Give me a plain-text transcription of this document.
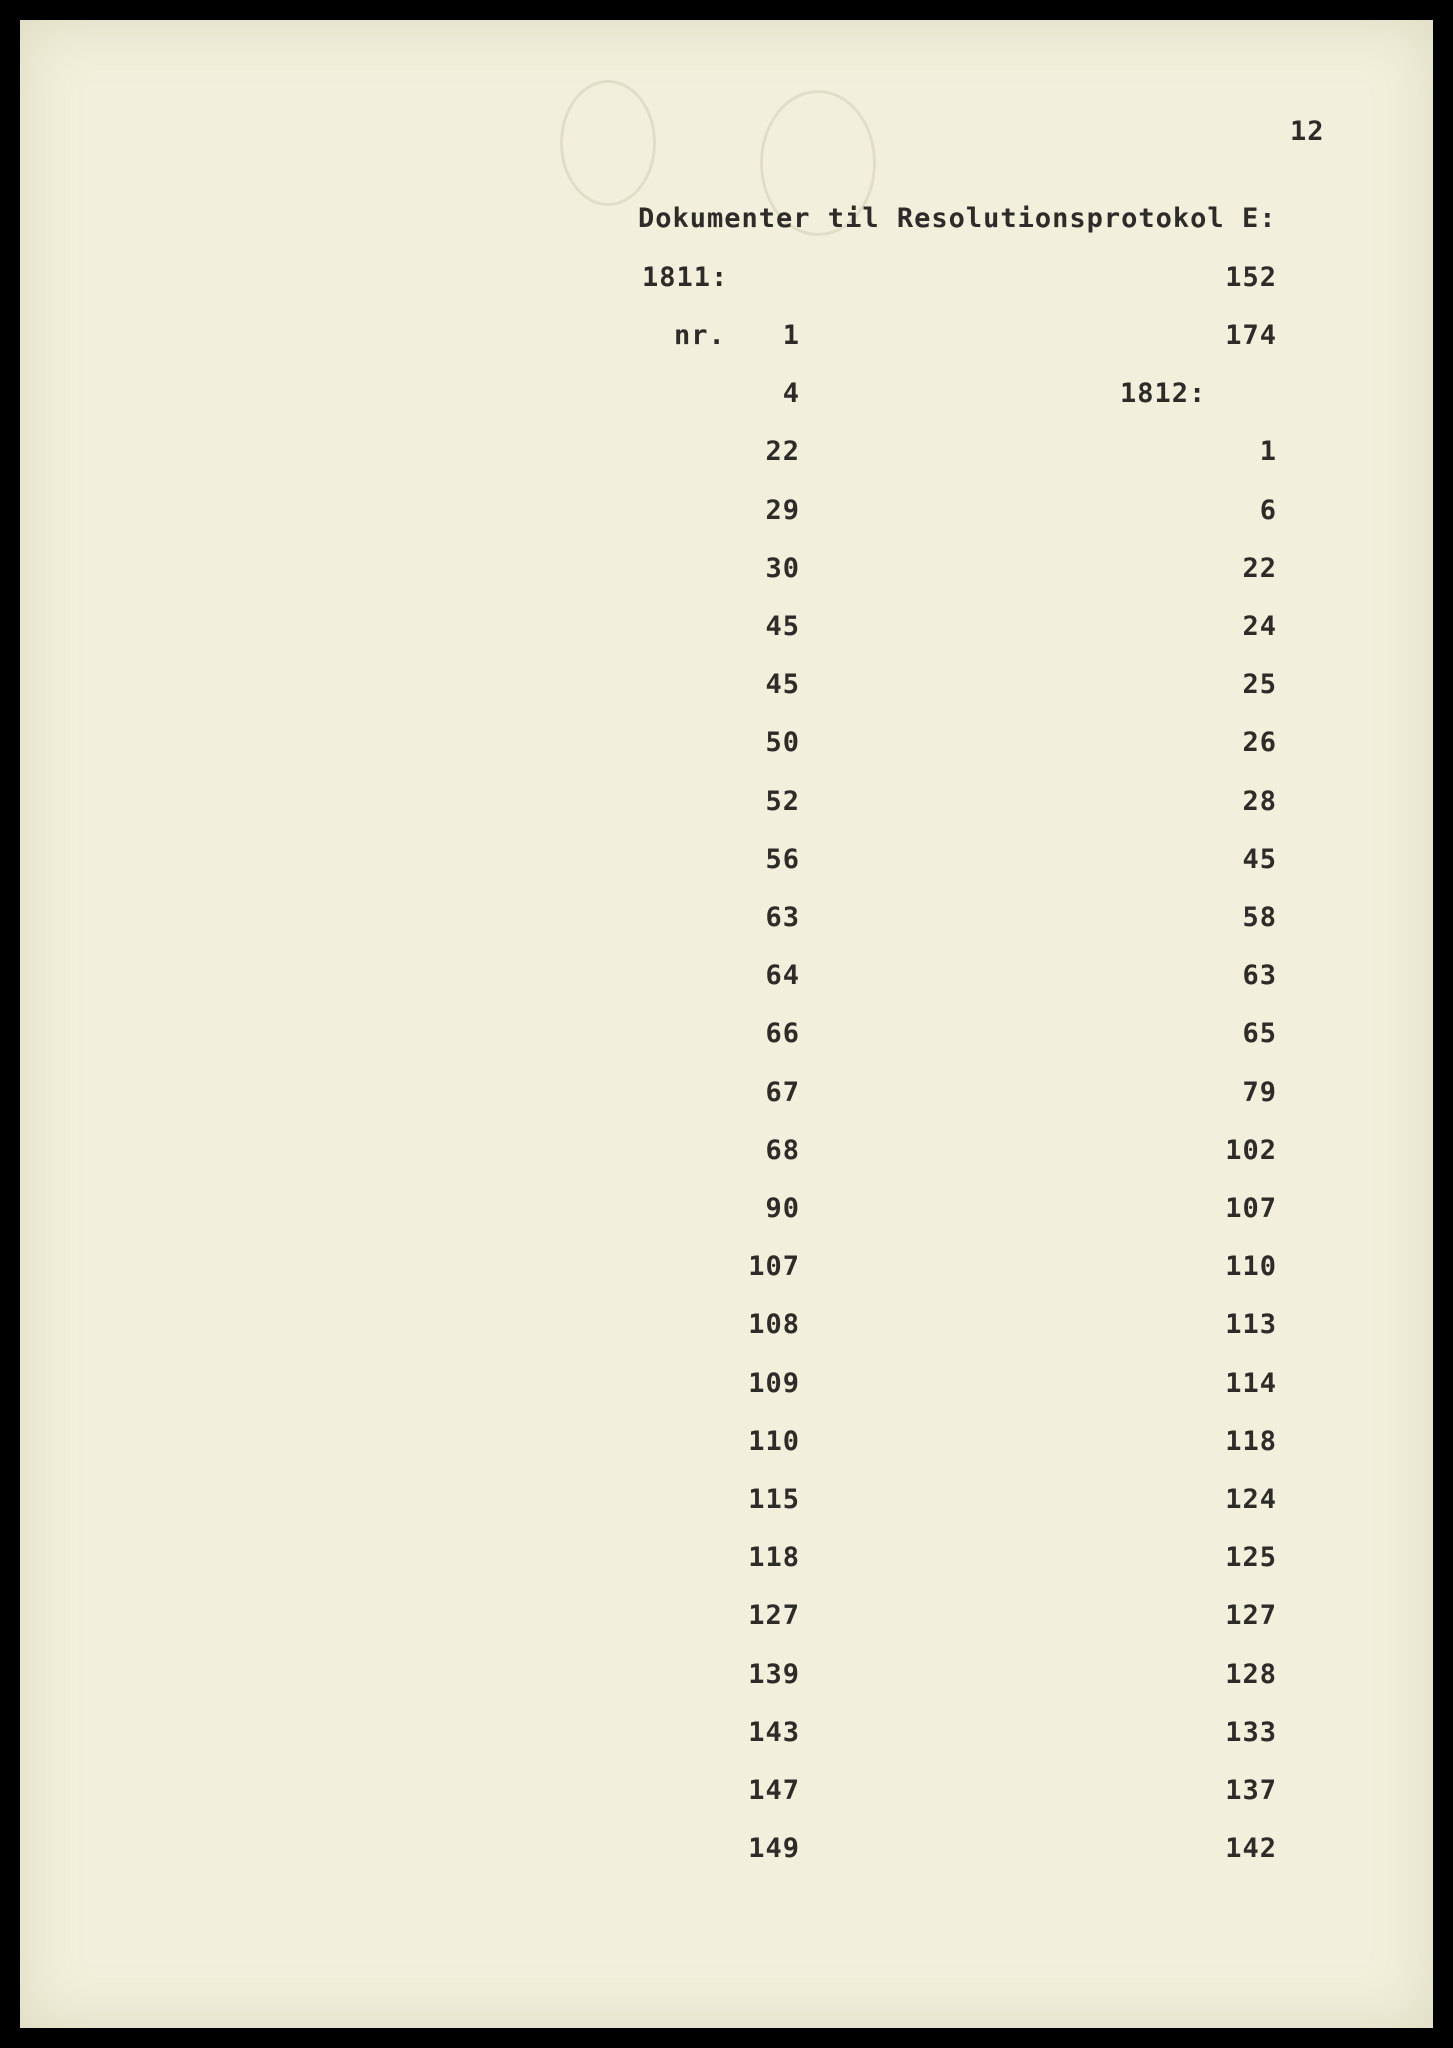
12
Dokumenter til Resolutionsprotokol E:
1811:
nr. 1
4
22
29
30
45
45
50
52
56
63
64
66
67
68
90
107
108
109
110
115
118
127
139
143
147
149
152
174
1
6
22
24
25
26
28
45
58
63
65
79
102
107
110
113
114
118
124
125
127
128
133
137
142
1812:
